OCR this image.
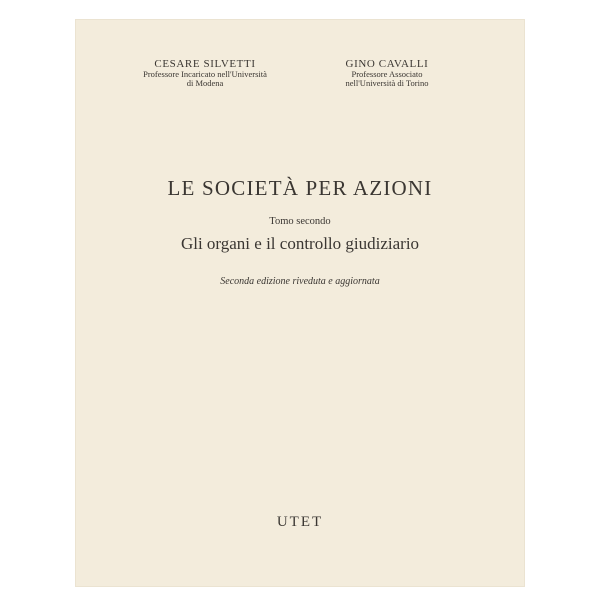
CESARE SILVETTI
Professore Incaricato nell'Università
di Modena
GINO CAVALLI
Professore Associato
nell'Università di Torino
LE SOCIETÀ PER AZIONI
Tomo secondo
Gli organi e il controllo giudiziario
Seconda edizione riveduta e aggiornata
UTET
